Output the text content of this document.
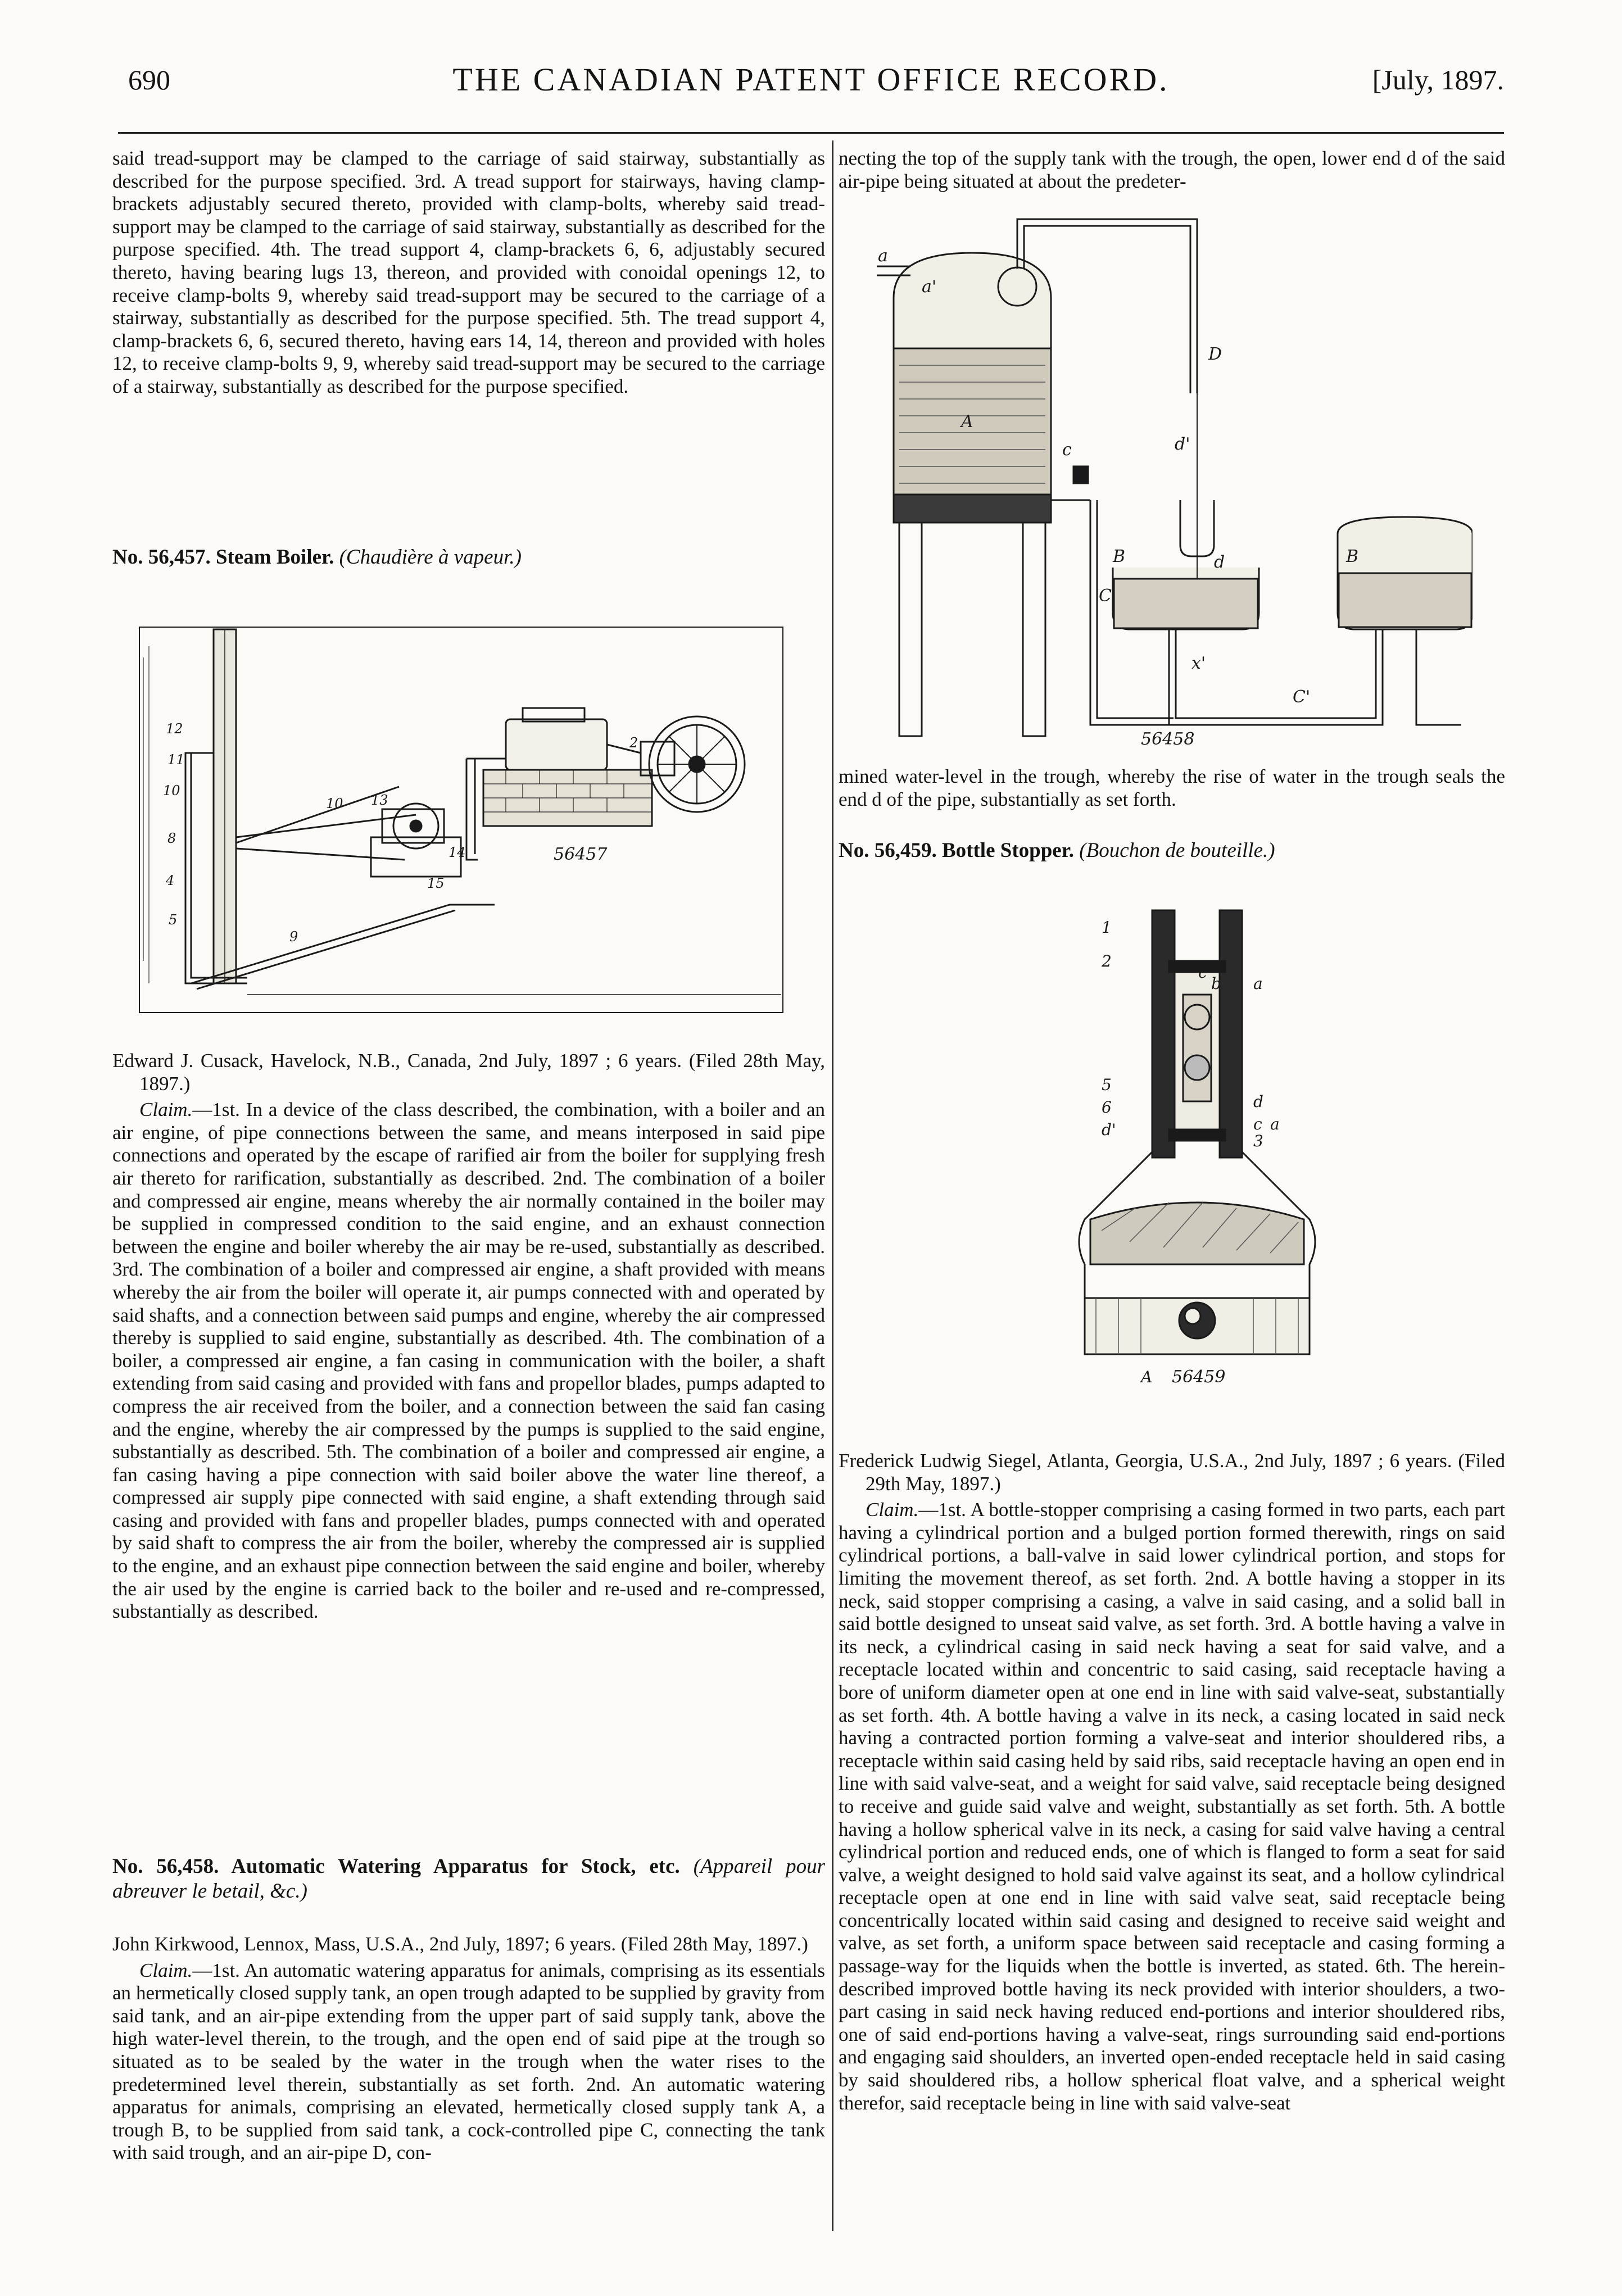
690	THE CANADIAN PATENT OFFICE RECORD.	[July, 1897.

said tread-support may be clamped to the carriage of said stairway, substantially as described for the purpose specified. 3rd. A tread support for stairways, having clamp-brackets adjustably secured thereto, provided with clamp-bolts, whereby said tread-support may be clamped to the carriage of said stairway, substantially as described for the purpose specified. 4th. The tread support 4, clamp-brackets 6, 6, adjustably secured thereto, having bearing lugs 13, thereon, and provided with conoidal openings 12, to receive clamp-bolts 9, whereby said tread-support may be secured to the carriage of a stairway, substantially as described for the purpose specified. 5th. The tread support 4, clamp-brackets 6, 6, secured thereto, having ears 14, 14, thereon and provided with holes 12, to receive clamp-bolts 9, 9, whereby said tread-support may be secured to the carriage of a stairway, substantially as described for the purpose specified.

No. 56,457. Steam Boiler. (Chaudière à vapeur.)

12
11
10
8
4
5
9
10 13
14
15
2
56457

Edward J. Cusack, Havelock, N.B., Canada, 2nd July, 1897 ; 6 years. (Filed 28th May, 1897.)

Claim.—1st. In a device of the class described, the combination, with a boiler and an air engine, of pipe connections between the same, and means interposed in said pipe connections and operated by the escape of rarified air from the boiler for supplying fresh air thereto for rarification, substantially as described. 2nd. The combination of a boiler and compressed air engine, means whereby the air normally contained in the boiler may be supplied in compressed condition to the said engine, and an exhaust connection between the engine and boiler whereby the air may be re-used, substantially as described. 3rd. The combination of a boiler and compressed air engine, a shaft provided with means whereby the air from the boiler will operate it, air pumps connected with and operated by said shafts, and a connection between said pumps and engine, whereby the air compressed thereby is supplied to said engine, substantially as described. 4th. The combination of a boiler, a compressed air engine, a fan casing in communication with the boiler, a shaft extending from said casing and provided with fans and propellor blades, pumps adapted to compress the air received from the boiler, and a connection between the said fan casing and the engine, whereby the air compressed by the pumps is supplied to the said engine, substantially as described. 5th. The combination of a boiler and compressed air engine, a fan casing having a pipe connection with said boiler above the water line thereof, a compressed air supply pipe connected with said engine, a shaft extending through said casing and provided with fans and propeller blades, pumps connected with and operated by said shaft to compress the air from the boiler, whereby the compressed air is supplied to the engine, and an exhaust pipe connection between the said engine and boiler, whereby the air used by the engine is carried back to the boiler and re-used and re-compressed, substantially as described.

No. 56,458. Automatic Watering Apparatus for Stock, etc. (Appareil pour abreuver le betail, &c.)

John Kirkwood, Lennox, Mass, U.S.A., 2nd July, 1897; 6 years. (Filed 28th May, 1897.)

Claim.—1st. An automatic watering apparatus for animals, comprising as its essentials an hermetically closed supply tank, an open trough adapted to be supplied by gravity from said tank, and an air-pipe extending from the upper part of said supply tank, above the high water-level therein, to the trough, and the open end of said pipe at the trough so situated as to be sealed by the water in the trough when the water rises to the predetermined level therein, substantially as set forth. 2nd. An automatic watering apparatus for animals, comprising an elevated, hermetically closed supply tank A, a trough B, to be supplied from said tank, a cock-controlled pipe C, connecting the tank with said trough, and an air-pipe D, con-

necting the top of the supply tank with the trough, the open, lower end d of the said air-pipe being situated at about the predeter-

a
a'
A
D
c	d'
B
C
d	B
x'
C'
56458

mined water-level in the trough, whereby the rise of water in the trough seals the end d of the pipe, substantially as set forth.

No. 56,459. Bottle Stopper. (Bouchon de bouteille.)

1
2
c
b a
5
6
d'
d
3
a
c
A 56459

Frederick Ludwig Siegel, Atlanta, Georgia, U.S.A., 2nd July, 1897 ; 6 years. (Filed 29th May, 1897.)

Claim.—1st. A bottle-stopper comprising a casing formed in two parts, each part having a cylindrical portion and a bulged portion formed therewith, rings on said cylindrical portions, a ball-valve in said lower cylindrical portion, and stops for limiting the movement thereof, as set forth. 2nd. A bottle having a stopper in its neck, said stopper comprising a casing, a valve in said casing, and a solid ball in said bottle designed to unseat said valve, as set forth. 3rd. A bottle having a valve in its neck, a cylindrical casing in said neck having a seat for said valve, and a receptacle located within and concentric to said casing, said receptacle having a bore of uniform diameter open at one end in line with said valve-seat, substantially as set forth. 4th. A bottle having a valve in its neck, a casing located in said neck having a contracted portion forming a valve-seat and interior shouldered ribs, a receptacle within said casing held by said ribs, said receptacle having an open end in line with said valve-seat, and a weight for said valve, said receptacle being designed to receive and guide said valve and weight, substantially as set forth. 5th. A bottle having a hollow spherical valve in its neck, a casing for said valve having a central cylindrical portion and reduced ends, one of which is flanged to form a seat for said valve, a weight designed to hold said valve against its seat, and a hollow cylindrical receptacle open at one end in line with said valve seat, said receptacle being concentrically located within said casing and designed to receive said weight and valve, as set forth, a uniform space between said receptacle and casing forming a passage-way for the liquids when the bottle is inverted, as stated. 6th. The herein-described improved bottle having its neck provided with interior shoulders, a two-part casing in said neck having reduced end-portions and interior shouldered ribs, one of said end-portions having a valve-seat, rings surrounding said end-portions and engaging said shoulders, an inverted open-ended receptacle held in said casing by said shouldered ribs, a hollow spherical float valve, and a spherical weight therefor, said receptacle being in line with said valve-seat
